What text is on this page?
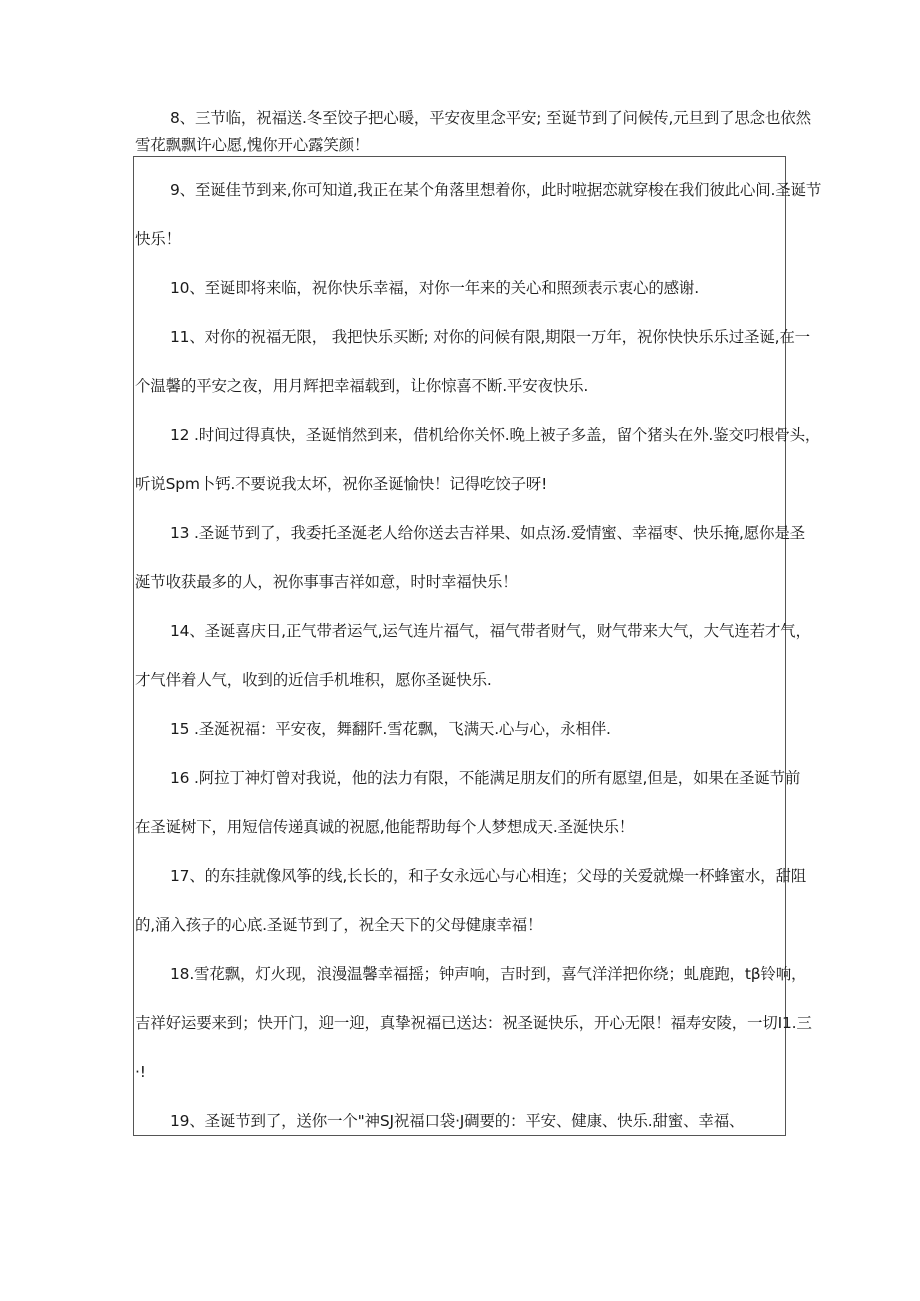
8、三节临，祝福送.冬至饺子把心暖，平安夜里念平安; 至诞节到了问候传,元旦到了思念也依然
雪花飘飘许心愿,愧你开心露笑颜！
9、至诞佳节到来,你可知道,我正在某个角落里想着你，此时啦据恋就穿梭在我们彼此心间.圣诞节
快乐！
10、至诞即将来临，祝你快乐幸福，对你一年来的关心和照颈表示衷心的感谢.
11、对你的祝福无限， 我把快乐买断; 对你的问候有限,期限一万年，祝你快快乐乐过圣诞,在一
个温馨的平安之夜，用月辉把幸福载到，让你惊喜不断.平安夜快乐.
12 .时间过得真快，圣诞悄然到来，借机给你关怀.晚上被子多盖，留个猪头在外.鉴交叼根骨头，
听说Spm卜钙.不要说我太坏，祝你圣诞愉快！记得吃饺子呀!
13 .圣诞节到了，我委托圣涎老人给你送去吉祥果、如点汤.爱情蜜、幸福枣、快乐掩,愿你是圣
涎节收获最多的人，祝你事事吉祥如意，时时幸福快乐！
14、圣诞喜庆日,正气带者运气,运气连片福气，福气带者财气，财气带来大气，大气连若才气，
才气伴着人气，收到的近信手机堆积，愿你圣诞快乐.
15 .圣涎祝福：平安夜，舞翻阡.雪花飘，飞满天.心与心，永相伴.
16 .阿拉丁神灯曾对我说，他的法力有限，不能满足朋友们的所有愿望,但是，如果在圣诞节前
在圣诞树下，用短信传递真诚的祝愿,他能帮助每个人梦想成天.圣涎快乐！
17、的东挂就像风筝的线,长长的，和子女永远心与心相连；父母的关爱就燥一杯蜂蜜水，甜阻
的,涌入孩子的心底.圣诞节到了，祝全天下的父母健康幸福！
18.雪花飘，灯火现，浪漫温馨幸福摇；钟声响，吉时到，喜气洋洋把你绕；虬鹿跑，tβ铃响，
吉祥好运要来到；快开门，迎一迎，真挚祝福已送达：祝圣诞快乐，开心无限！福寿安陵，一切I1.三
·!
19、圣诞节到了，送你一个"神SJ祝福口袋·J碉要的：平安、健康、快乐.甜蜜、幸福、
